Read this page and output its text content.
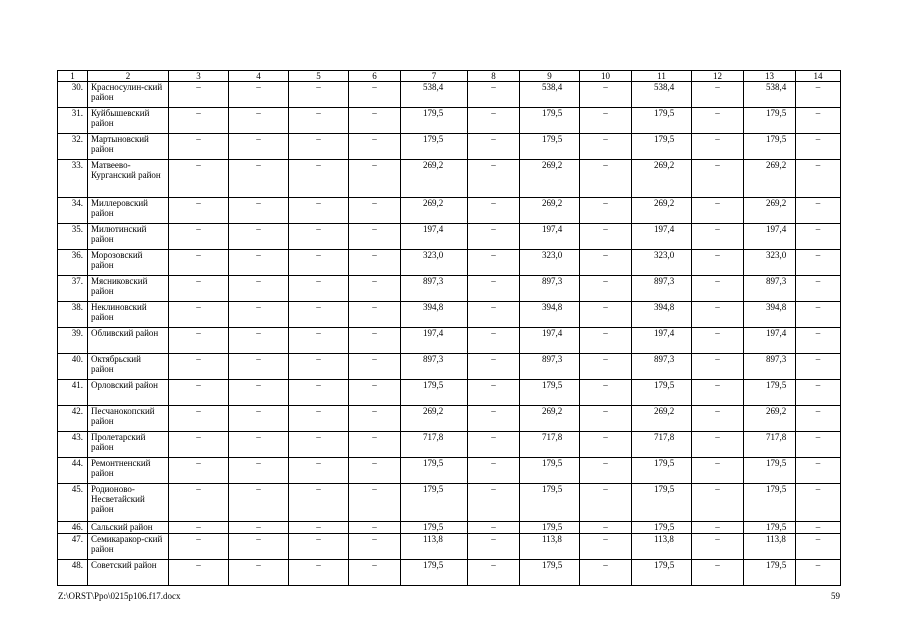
1	2	3	4	5	6	7	8	9	10	11	12	13	14
30.	Красносулин-ский район	–	–	–	–	538,4	–	538,4	–	538,4	–	538,4	–
31.	Куйбышевский район	–	–	–	–	179,5	–	179,5	–	179,5	–	179,5	–
32.	Мартыновский район	–	–	–	–	179,5	–	179,5	–	179,5	–	179,5	–
33.	Матвеево-Курганский район	–	–	–	–	269,2	–	269,2	–	269,2	–	269,2	–
34.	Миллеровский район	–	–	–	–	269,2	–	269,2	–	269,2	–	269,2	–
35.	Милютинский район	–	–	–	–	197,4	–	197,4	–	197,4	–	197,4	–
36.	Морозовский район	–	–	–	–	323,0	–	323,0	–	323,0	–	323,0	–
37.	Мясниковский район	–	–	–	–	897,3	–	897,3	–	897,3	–	897,3	–
38.	Неклиновский район	–	–	–	–	394,8	–	394,8	–	394,8	–	394,8	–
39.	Обливский район	–	–	–	–	197,4	–	197,4	–	197,4	–	197,4	–
40.	Октябрьский район	–	–	–	–	897,3	–	897,3	–	897,3	–	897,3	–
41.	Орловский район	–	–	–	–	179,5	–	179,5	–	179,5	–	179,5	–
42.	Песчанокопский район	–	–	–	–	269,2	–	269,2	–	269,2	–	269,2	–
43.	Пролетарский район	–	–	–	–	717,8	–	717,8	–	717,8	–	717,8	–
44.	Ремонтненский район	–	–	–	–	179,5	–	179,5	–	179,5	–	179,5	–
45.	Родионово-Несветайский район	–	–	–	–	179,5	–	179,5	–	179,5	–	179,5	–
46.	Сальский район	–	–	–	–	179,5	–	179,5	–	179,5	–	179,5	–
47.	Семикаракор-ский район	–	–	–	–	113,8	–	113,8	–	113,8	–	113,8	–
48.	Советский район	–	–	–	–	179,5	–	179,5	–	179,5	–	179,5	–
Z:\ORST\Ppo\0215p106.f17.docx	59
